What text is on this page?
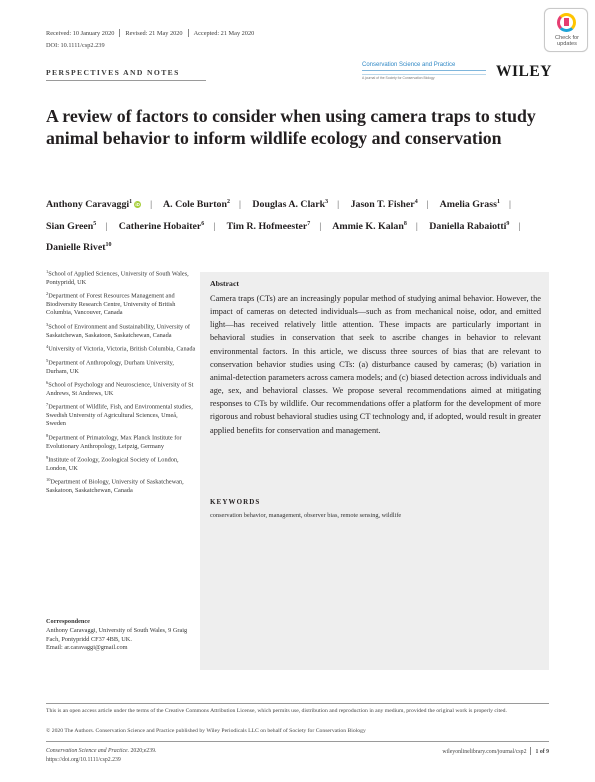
Received: 10 January 2020 Revised: 21 May 2020 Accepted: 21 May 2020
DOI: 10.1111/csp2.239
Check for
updates
PERSPECTIVES AND NOTES
Conservation Science and Practice
A journal of the Society for Conservation Biology	WILEY
A review of factors to consider when using camera traps to study animal behavior to inform wildlife ecology and conservation
Anthony Caravaggi$^1$ iD | A. Cole Burton$^2$ | Douglas A. Clark$^3$ | Jason T. Fisher$^4$ | Amelia Grass$^1$ | Sian Green$^5$ | Catherine Hobaiter$^6$ | Tim R. Hofmeester$^7$ | Ammie K. Kalan$^8$ | Daniella Rabaiotti$^9$ | Danielle Rivet$^{10}$
$^1$School of Applied Sciences, University of South Wales, Pontypridd, UK
$^2$Department of Forest Resources Management and Biodiversity Research Centre, University of British Columbia, Vancouver, Canada
$^3$School of Environment and Sustainability, University of Saskatchewan, Saskatoon, Saskatchewan, Canada
$^4$University of Victoria, Victoria, British Columbia, Canada
$^5$Department of Anthropology, Durham University, Durham, UK
$^6$School of Psychology and Neuroscience, University of St Andrews, St Andrews, UK
$^7$Department of Wildlife, Fish, and Environmental studies, Swedish University of Agricultural Sciences, Umeå, Sweden
$^8$Department of Primatology, Max Planck Institute for Evolutionary Anthropology, Leipzig, Germany
$^9$Institute of Zoology, Zoological Society of London, London, UK
$^{10}$Department of Biology, University of Saskatchewan, Saskatoon, Saskatchewan, Canada
Correspondence
Anthony Caravaggi, University of South Wales, 9 Graig Fach, Pontypridd CF37 4BB, UK.
Email: ar.caravaggi@gmail.com
Abstract
Camera traps (CTs) are an increasingly popular method of studying animal behavior. However, the impact of cameras on detected individuals—such as from mechanical noise, odor, and emitted light—has received relatively little attention. These impacts are particularly important in behavioral studies in conservation that seek to ascribe changes in behavior to relevant environmental factors. In this article, we discuss three sources of bias that are relevant to conservation behavior studies using CTs: (a) disturbance caused by cameras; (b) variation in animal-detection parameters across camera models; and (c) biased detection across individuals and age, sex, and behavioral classes. We propose several recommendations aimed at mitigating responses to CTs by wildlife. Our recommendations offer a platform for the development of more rigorous and robust behavioral studies using CT technology and, if adopted, would result in greater applied benefits for conservation and management.
KEYWORDS
conservation behavior, management, observer bias, remote sensing, wildlife
This is an open access article under the terms of the Creative Commons Attribution License, which permits use, distribution and reproduction in any medium, provided the original work is properly cited.
© 2020 The Authors. Conservation Science and Practice published by Wiley Periodicals LLC on behalf of Society for Conservation Biology
Conservation Science and Practice. 2020;e239.
https://doi.org/10.1111/csp2.239
wileyonlinelibrary.com/journal/csp2 1 of 9
